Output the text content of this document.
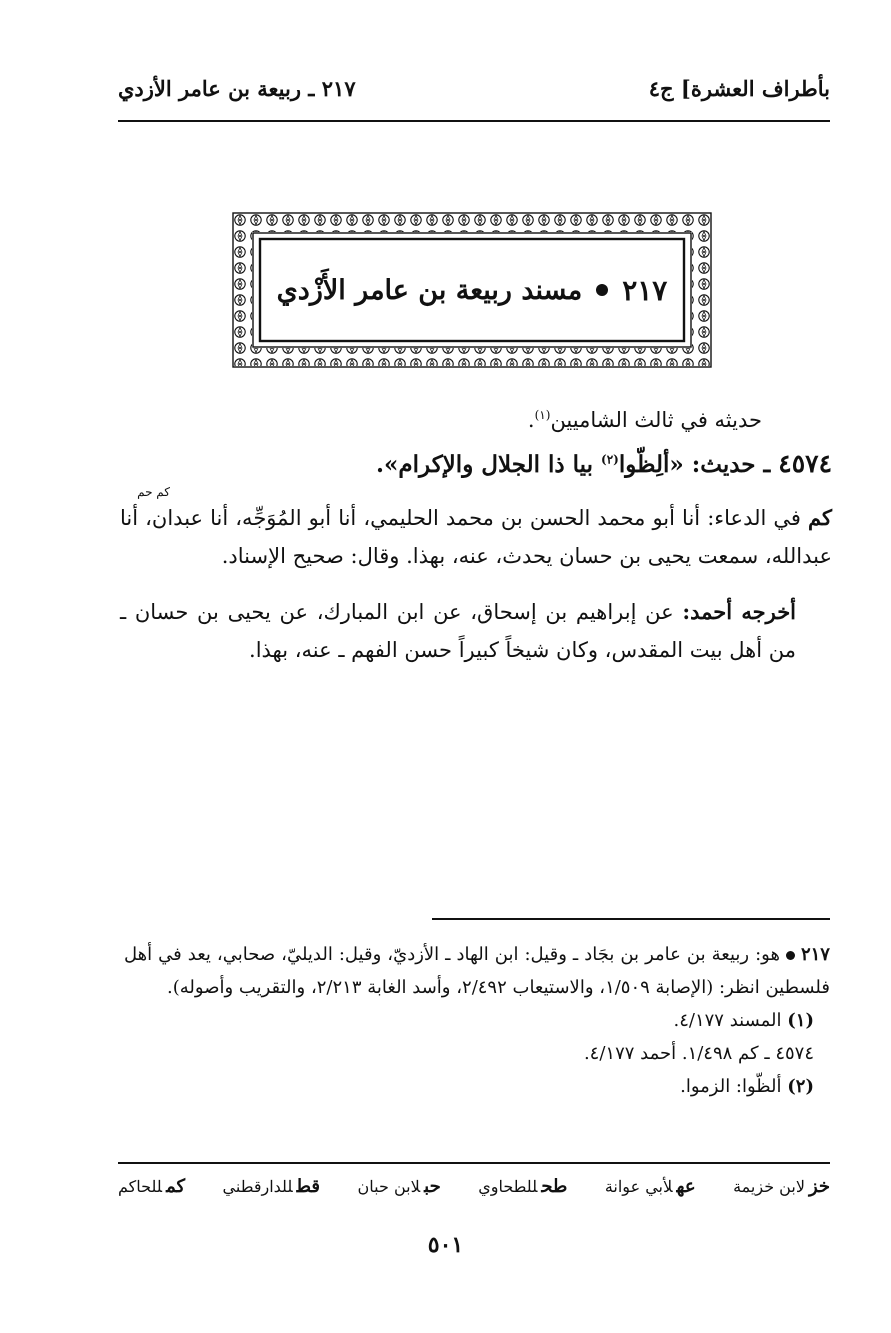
٢١٧ ـ ربيعة بن عامر الأزدي	بأطراف العشرة] ج٤
٢١٧
مسند ربيعة بن عامر الأَزْدي

حديثه في ثالث الشاميين$^{(١)}$.

٤٥٧٤ ـ حديث: «ألِظّوا$^{(٢)}$ بيا ذا الجلال والإكرام».

كم حم

كم في الدعاء: أنا أبو محمد الحسن بن محمد الحليمي، أنا أبو المُوَجِّه، أنا عبدان، أنا عبدالله، سمعت يحيى بن حسان يحدث، عنه، بهذا. وقال: صحيح الإسناد.

أخرجه أحمد: عن إبراهيم بن إسحاق، عن ابن المبارك، عن يحيى بن حسان ـ من أهل بيت المقدس، وكان شيخاً كبيراً حسن الفهم ـ عنه، بهذا.

٢١٧  هو: ربيعة بن عامر بن بجَاد ـ وقيل: ابن الهاد ـ الأزديّ، وقيل: الديليّ، صحابي، يعد في أهل فلسطين انظر: (الإصابة ١/٥٠٩، والاستيعاب ٢/٤٩٢، وأسد الغابة ٢/٢١٣، والتقريب وأصوله).

(١) المسند ٤/١٧٧.

٤٥٧٤ ـ كم ١/٤٩٨. أحمد ٤/١٧٧.

(٢) ألظّوا: الزموا.

خزلابن خزيمة
عهلأبي عوانة
طحللطحاوي
حبلابن حبان
قطللدارقطني
كمللحاكم
٥٠١
